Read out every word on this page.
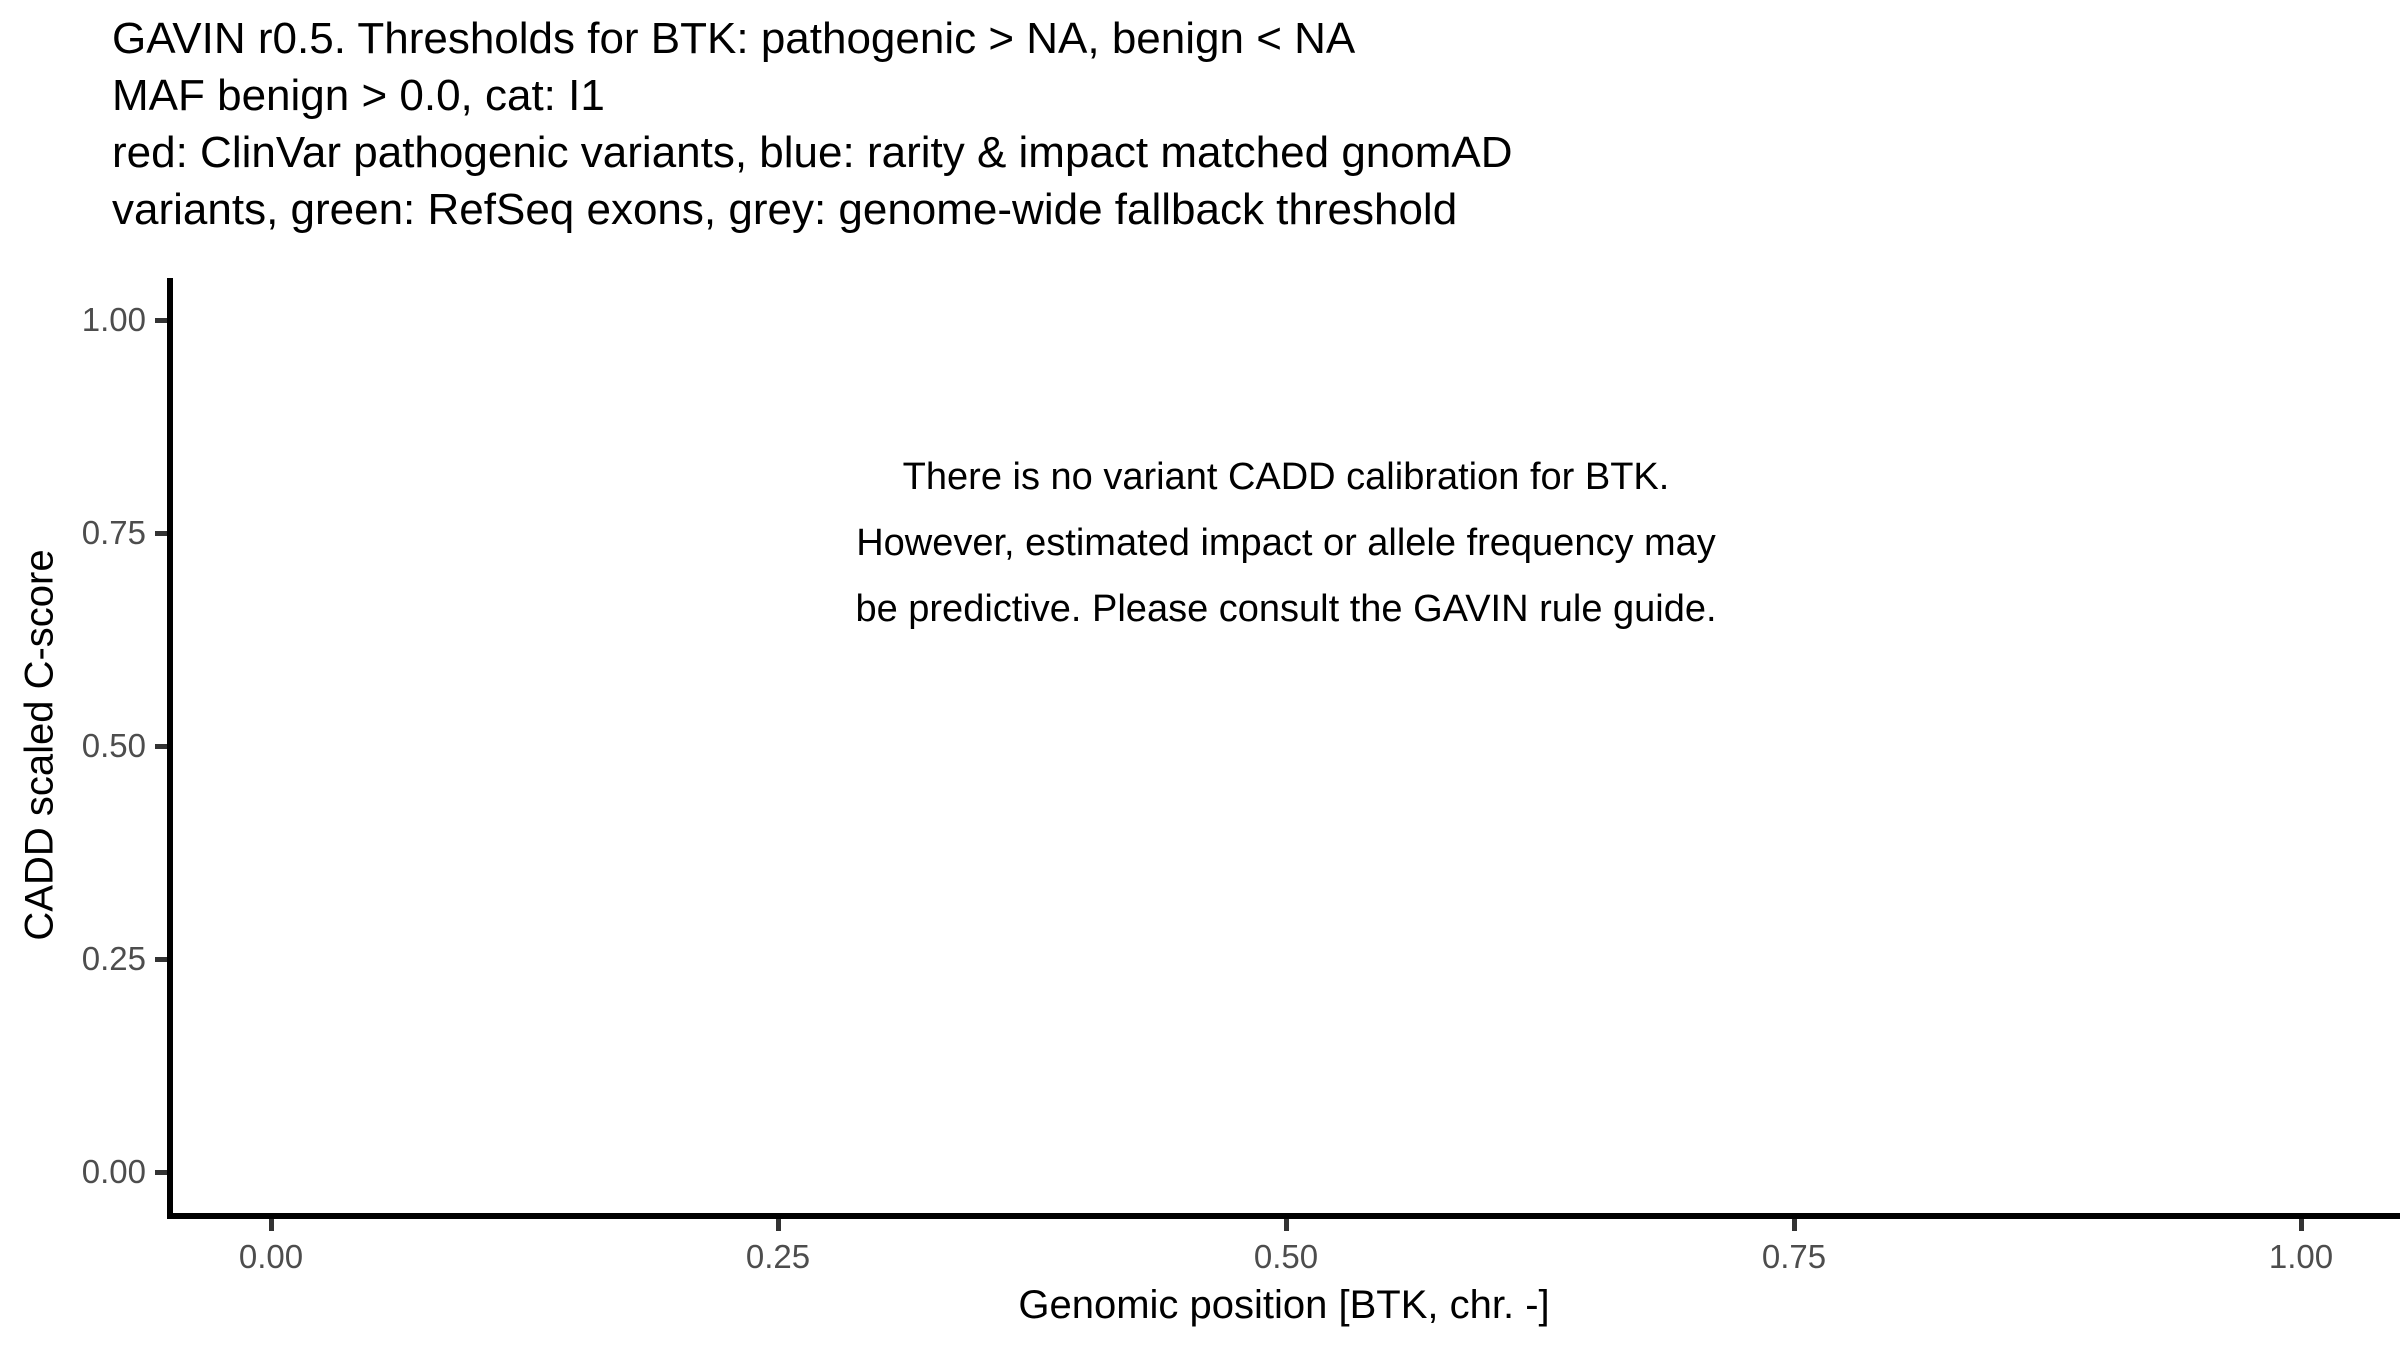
GAVIN r0.5. Thresholds for BTK: pathogenic > NA, benign < NA
MAF benign > 0.0, cat: I1
red: ClinVar pathogenic variants, blue: rarity & impact matched gnomAD
variants, green: RefSeq exons, grey: genome-wide fallback threshold
1.00
0.75
0.50
0.25
0.00
0.00	0.25	0.50	0.75	1.00
Genomic position [BTK, chr. -]
CADD scaled C-score
There is no variant CADD calibration for BTK.
However, estimated impact or allele frequency may
be predictive. Please consult the GAVIN rule guide.
